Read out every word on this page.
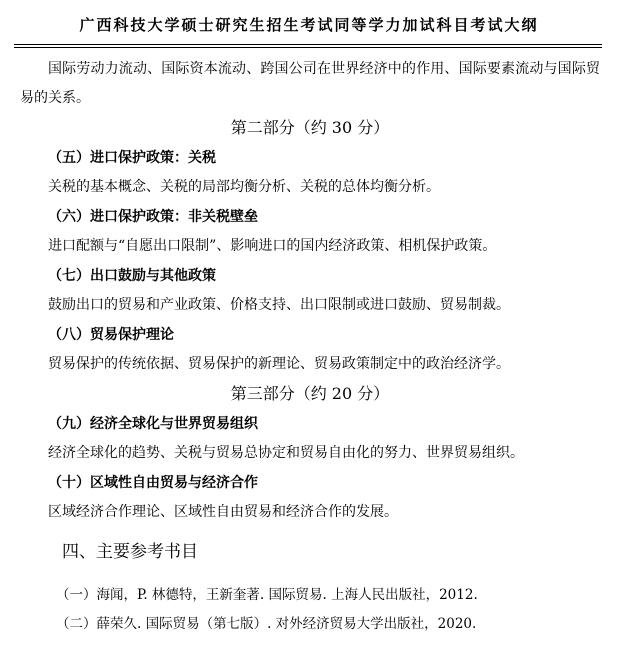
广西科技大学硕士研究生招生考试同等学力加试科目考试大纲

国际劳动力流动、国际资本流动、跨国公司在世界经济中的作用、国际要素流动与国际贸易的关系。

第二部分（约 30 分）

（五）进口保护政策：关税

关税的基本概念、关税的局部均衡分析、关税的总体均衡分析。

（六）进口保护政策：非关税壁垒

进口配额与“自愿出口限制”、影响进口的国内经济政策、相机保护政策。

（七）出口鼓励与其他政策

鼓励出口的贸易和产业政策、价格支持、出口限制或进口鼓励、贸易制裁。

（八）贸易保护理论

贸易保护的传统依据、贸易保护的新理论、贸易政策制定中的政治经济学。

第三部分（约 20 分）

（九）经济全球化与世界贸易组织

经济全球化的趋势、关税与贸易总协定和贸易自由化的努力、世界贸易组织。

（十）区域性自由贸易与经济合作

区域经济合作理论、区域性自由贸易和经济合作的发展。

四、主要参考书目

（一）海闻，P. 林德特，王新奎著. 国际贸易. 上海人民出版社，2012.

（二）薛荣久. 国际贸易（第七版）. 对外经济贸易大学出版社，2020.
